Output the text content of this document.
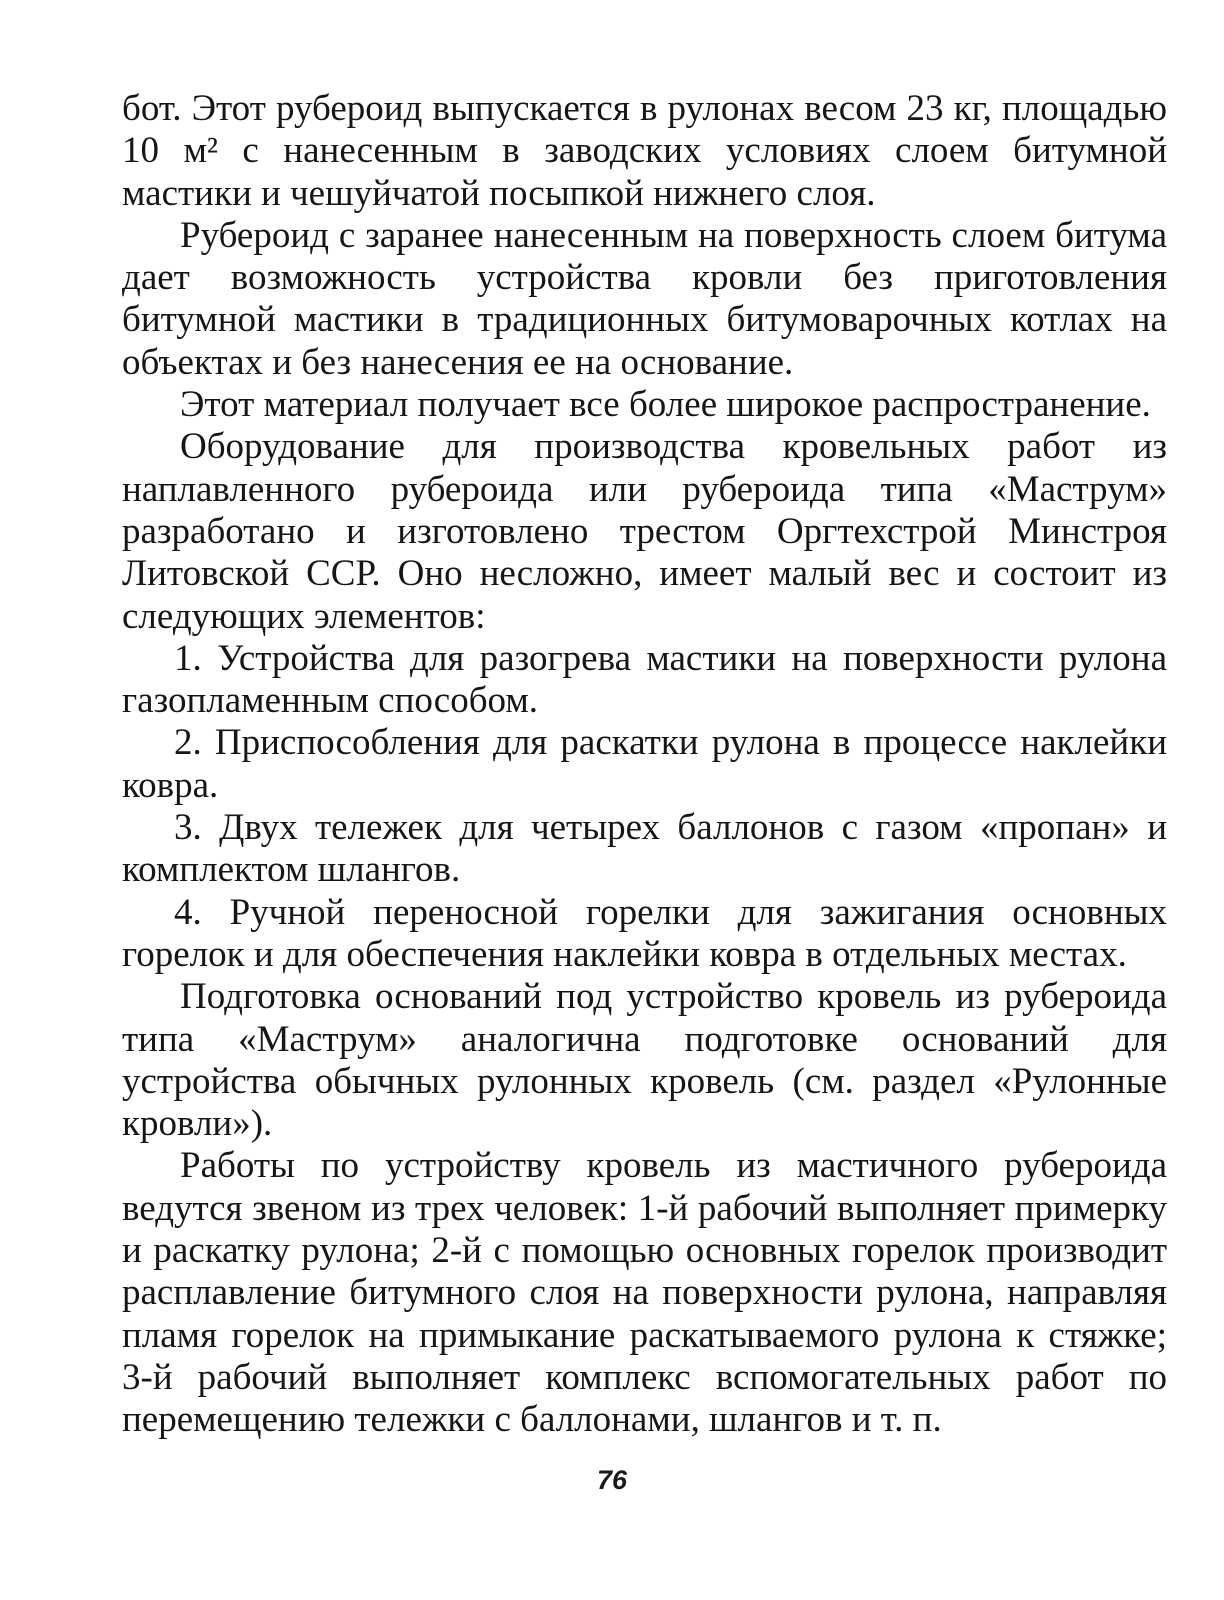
бот. Этот рубероид выпускается в рулонах весом 23 кг, площадью 10 м² с нанесенным в заводских условиях слоем битумной мастики и чешуйчатой посыпкой нижнего слоя.

Рубероид с заранее нанесенным на поверхность слоем битума дает возможность устройства кровли без приготовления битумной мастики в традиционных битумоварочных котлах на объектах и без нанесения ее на основание.

Этот материал получает все более широкое распространение.

Оборудование для производства кровельных работ из наплавленного рубероида или рубероида типа «Маструм» разработано и изготовлено трестом Оргтехстрой Минстроя Литовской ССР. Оно несложно, имеет малый вес и состоит из следующих элементов:

1. Устройства для разогрева мастики на поверхности рулона газопламенным способом.

2. Приспособления для раскатки рулона в процессе наклейки ковра.

3. Двух тележек для четырех баллонов с газом «пропан» и комплектом шлангов.

4. Ручной переносной горелки для зажигания основных горелок и для обеспечения наклейки ковра в отдельных местах.

Подготовка оснований под устройство кровель из рубероида типа «Маструм» аналогична подготовке оснований для устройства обычных рулонных кровель (см. раздел «Рулонные кровли»).

Работы по устройству кровель из мастичного рубероида ведутся звеном из трех человек: 1-й рабочий выполняет примерку и раскатку рулона; 2-й с помощью основных горелок производит расплавление битумного слоя на поверхности рулона, направляя пламя горелок на примыкание раскатываемого рулона к стяжке; 3-й рабочий выполняет комплекс вспомогательных работ по перемещению тележки с баллонами, шлангов и т. п.

76
